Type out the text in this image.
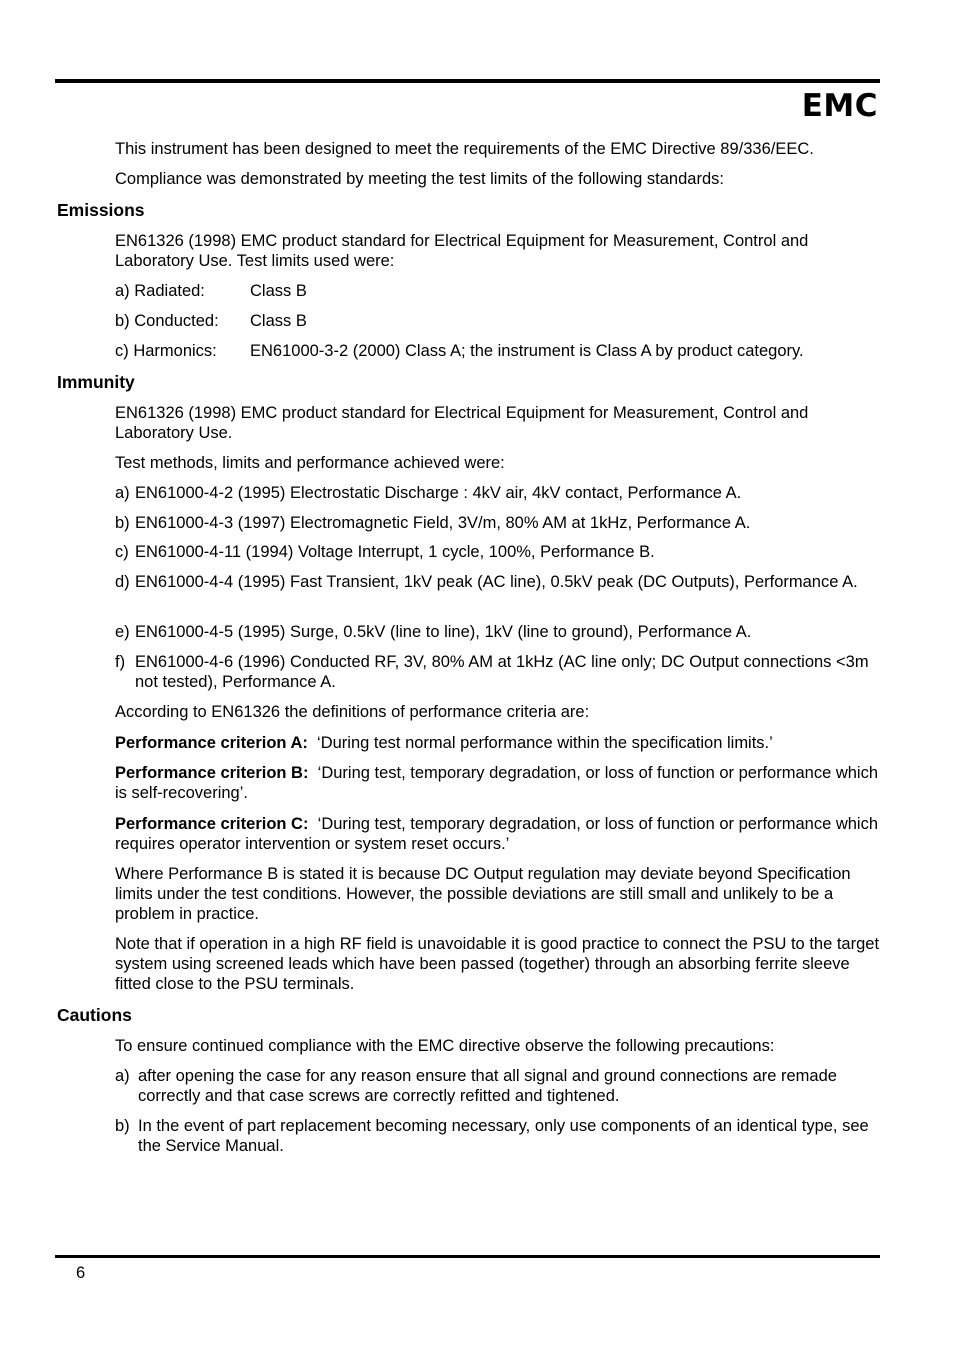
EMC

This instrument has been designed to meet the requirements of the EMC Directive 89/336/EEC.

Compliance was demonstrated by meeting the test limits of the following standards:

Emissions

EN61326 (1998) EMC product standard for Electrical Equipment for Measurement, Control and Laboratory Use. Test limits used were:

a) Radiated:	Class B
b) Conducted: Class B
c) Harmonics: EN61000-3-2 (2000) Class A; the instrument is Class A by product category.
Immunity

EN61326 (1998) EMC product standard for Electrical Equipment for Measurement, Control and Laboratory Use.

Test methods, limits and performance achieved were:

a) EN61000-4-2 (1995) Electrostatic Discharge : 4kV air, 4kV contact, Performance A.
b) EN61000-4-3 (1997) Electromagnetic Field, 3V/m, 80% AM at 1kHz, Performance A.
c) EN61000-4-11 (1994) Voltage Interrupt, 1 cycle, 100%, Performance B.
d) EN61000-4-4 (1995) Fast Transient, 1kV peak (AC line), 0.5kV peak (DC Outputs), Performance A.
e) EN61000-4-5 (1995) Surge, 0.5kV (line to line), 1kV (line to ground), Performance A.
f) EN61000-4-6 (1996) Conducted RF, 3V, 80% AM at 1kHz (AC line only; DC Output connections <3m not tested), Performance A.

According to EN61326 the definitions of performance criteria are:

Performance criterion A: ‘During test normal performance within the specification limits.’

Performance criterion B: ‘During test, temporary degradation, or loss of function or performance which is self-recovering’.

Performance criterion C: ‘During test, temporary degradation, or loss of function or performance which requires operator intervention or system reset occurs.’

Where Performance B is stated it is because DC Output regulation may deviate beyond Specification limits under the test conditions. However, the possible deviations are still small and unlikely to be a problem in practice.

Note that if operation in a high RF field is unavoidable it is good practice to connect the PSU to the target system using screened leads which have been passed (together) through an absorbing ferrite sleeve fitted close to the PSU terminals.

Cautions

To ensure continued compliance with the EMC directive observe the following precautions:

a) after opening the case for any reason ensure that all signal and ground connections are remade correctly and that case screws are correctly refitted and tightened.
b) In the event of part replacement becoming necessary, only use components of an identical type, see the Service Manual.
6
